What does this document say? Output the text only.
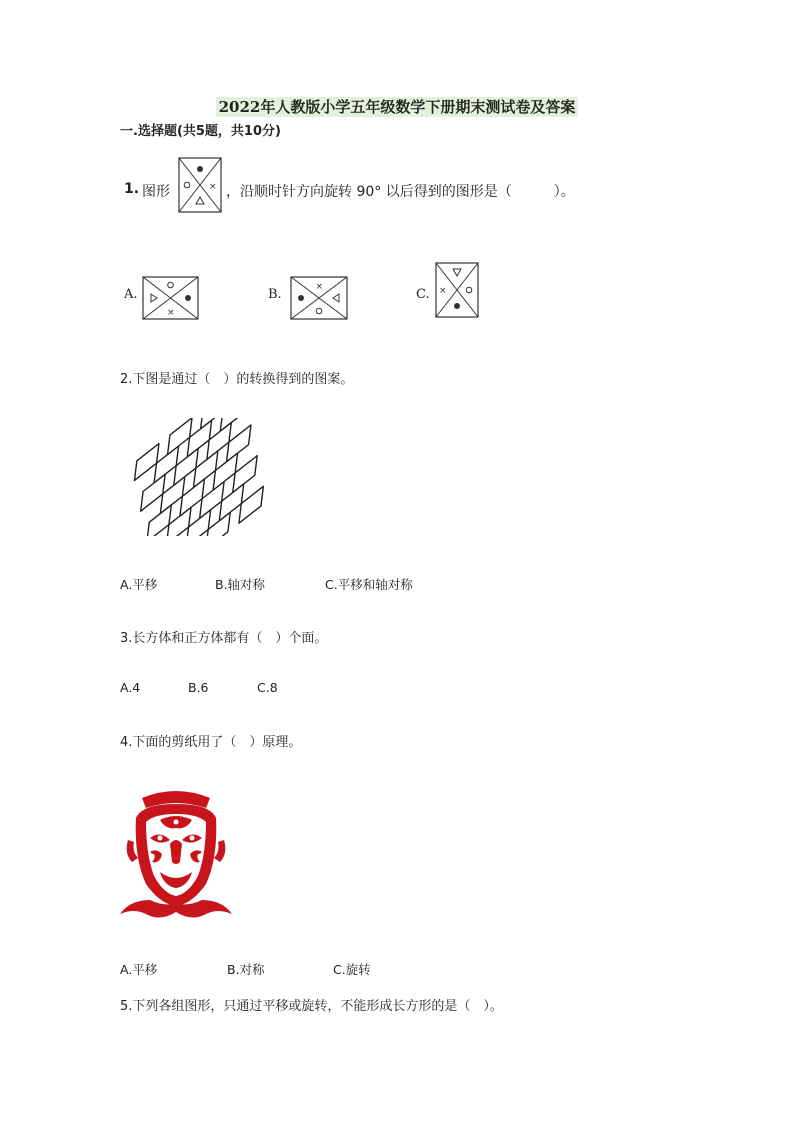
2022年人教版小学五年级数学下册期末测试卷及答案
一.选择题(共5题，共10分)
1. 图形	× ，沿顺时针方向旋转 90° 以后得到的图形是（　　　）。
A.
×
B.	×	C. ×
2.下图是通过（　）的转换得到的图案。
A.平移	B.轴对称	C.平移和轴对称
3.长方体和正方体都有（　）个面。
A.4	B.6	C.8
4.下面的剪纸用了（　）原理。
A.平移	B.对称	C.旋转
5.下列各组图形，只通过平移或旋转，不能形成长方形的是（　）。
